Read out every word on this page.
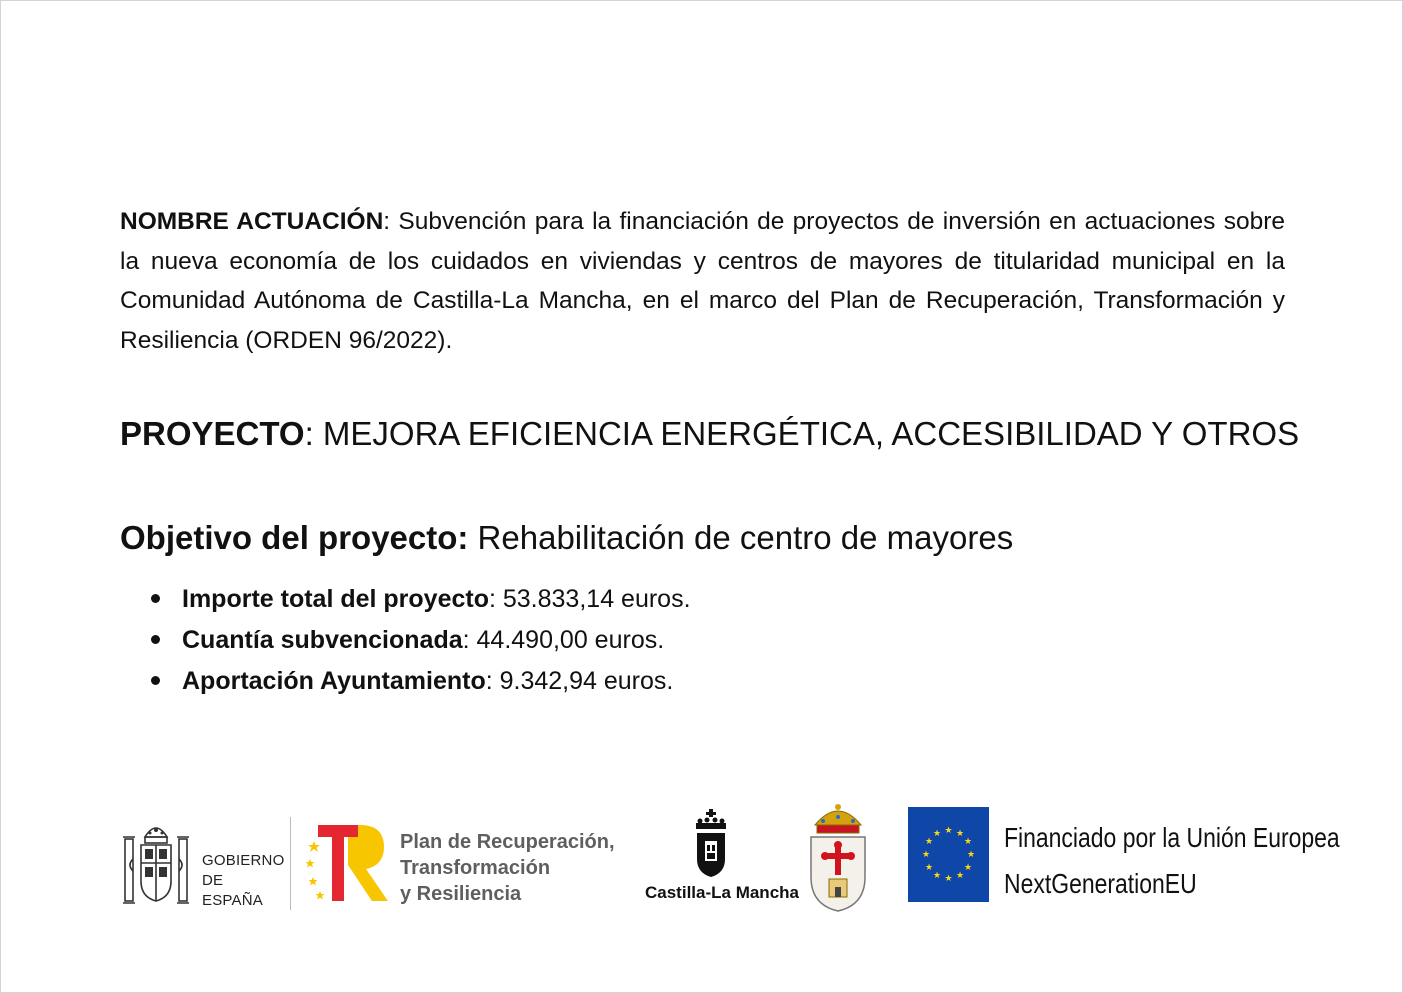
NOMBRE ACTUACIÓN: Subvención para la financiación de proyectos de inversión en actuaciones sobre la nueva economía de los cuidados en viviendas y centros de mayores de titularidad municipal en la Comunidad Autónoma de Castilla-La Mancha, en el marco del Plan de Recuperación, Transformación y Resiliencia (ORDEN 96/2022).

PROYECTO: MEJORA EFICIENCIA ENERGÉTICA, ACCESIBILIDAD Y OTROS

Objetivo del proyecto: Rehabilitación de centro de mayores

Importe total del proyecto: 53.833,14 euros.
Cuantía subvencionada: 44.490,00 euros.
Aportación Ayuntamiento: 9.342,94 euros.
GOBIERNO
DE ESPAÑA
Plan de Recuperación,
Transformación
y Resiliencia	Castilla-La Mancha
★ ★
★
★
★
★
★
★
★
★
★
★ Financiado por la Unión Europea
NextGenerationEU
